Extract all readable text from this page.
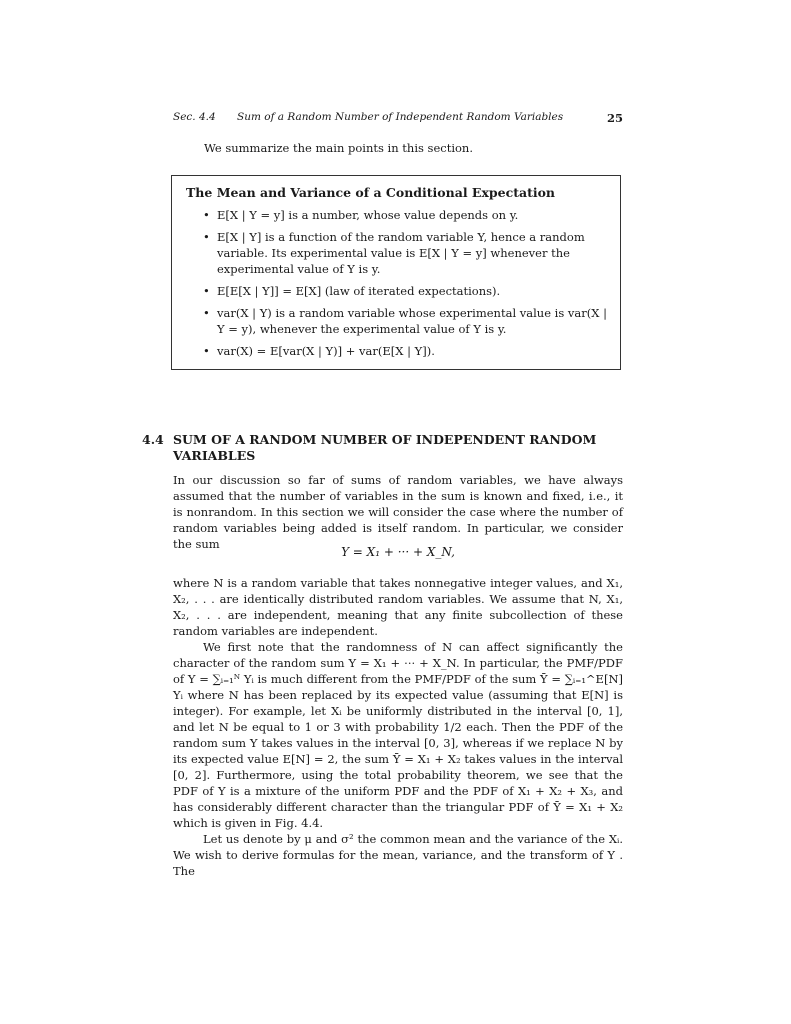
Sec. 4.4 Sum of a Random Number of Independent Random Variables	25
We summarize the main points in this section.
The Mean and Variance of a Conditional Expectation
• E[X | Y = y] is a number, whose value depends on y.
• E[X | Y] is a function of the random variable Y, hence a random variable. Its experimental value is E[X | Y = y] whenever the experimental value of Y is y.
• E[E[X | Y]] = E[X] (law of iterated expectations).
• var(X | Y) is a random variable whose experimental value is var(X | Y = y), whenever the experimental value of Y is y.
• var(X) = E[var(X | Y)] + var(E[X | Y]).
4.4 SUM OF A RANDOM NUMBER OF INDEPENDENT RANDOM VARIABLES

In our discussion so far of sums of random variables, we have always assumed that the number of variables in the sum is known and fixed, i.e., it is nonrandom. In this section we will consider the case where the number of random variables being added is itself random. In particular, we consider the sum

Y = X₁ + ··· + X_N,

where N is a random variable that takes nonnegative integer values, and X₁, X₂, . . . are identically distributed random variables. We assume that N, X₁, X₂, . . . are independent, meaning that any finite subcollection of these random variables are independent.

We first note that the randomness of N can affect significantly the character of the random sum Y = X₁ + ··· + X_N. In particular, the PMF/PDF of Y = ∑ᵢ₌₁ᴺ Yᵢ is much different from the PMF/PDF of the sum Ȳ = ∑ᵢ₌₁^E[N] Yᵢ where N has been replaced by its expected value (assuming that E[N] is integer). For example, let Xᵢ be uniformly distributed in the interval [0, 1], and let N be equal to 1 or 3 with probability 1/2 each. Then the PDF of the random sum Y takes values in the interval [0, 3], whereas if we replace N by its expected value E[N] = 2, the sum Ȳ = X₁ + X₂ takes values in the interval [0, 2]. Furthermore, using the total probability theorem, we see that the PDF of Y is a mixture of the uniform PDF and the PDF of X₁ + X₂ + X₃, and has considerably different character than the triangular PDF of Ȳ = X₁ + X₂ which is given in Fig. 4.4.

Let us denote by μ and σ² the common mean and the variance of the Xᵢ. We wish to derive formulas for the mean, variance, and the transform of Y . The
